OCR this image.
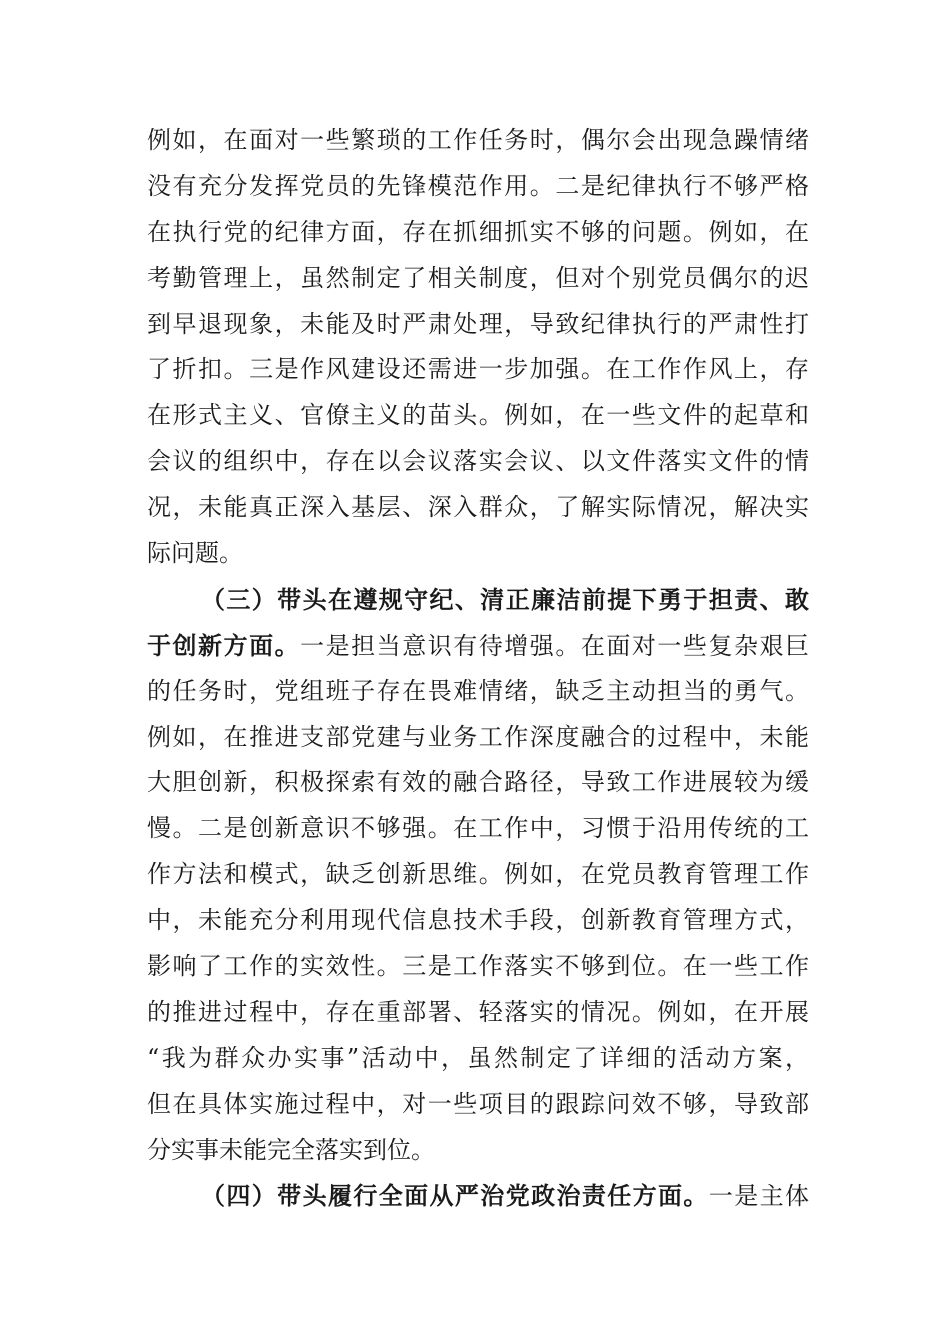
例如，在面对一些繁琐的工作任务时，偶尔会出现急躁情绪
没有充分发挥党员的先锋模范作用。二是纪律执行不够严格
在执行党的纪律方面，存在抓细抓实不够的问题。例如，在
考勤管理上，虽然制定了相关制度，但对个别党员偶尔的迟
到早退现象，未能及时严肃处理，导致纪律执行的严肃性打
了折扣。三是作风建设还需进一步加强。在工作作风上，存
在形式主义、官僚主义的苗头。例如，在一些文件的起草和
会议的组织中，存在以会议落实会议、以文件落实文件的情
况，未能真正深入基层、深入群众，了解实际情况，解决实
际问题。
（三）带头在遵规守纪、清正廉洁前提下勇于担责、敢
于创新方面。一是担当意识有待增强。在面对一些复杂艰巨
的任务时，党组班子存在畏难情绪，缺乏主动担当的勇气。
例如，在推进支部党建与业务工作深度融合的过程中，未能
大胆创新，积极探索有效的融合路径，导致工作进展较为缓
慢。二是创新意识不够强。在工作中，习惯于沿用传统的工
作方法和模式，缺乏创新思维。例如，在党员教育管理工作
中，未能充分利用现代信息技术手段，创新教育管理方式，
影响了工作的实效性。三是工作落实不够到位。在一些工作
的推进过程中，存在重部署、轻落实的情况。例如，在开展
“我为群众办实事”活动中，虽然制定了详细的活动方案，
但在具体实施过程中，对一些项目的跟踪问效不够，导致部
分实事未能完全落实到位。
（四）带头履行全面从严治党政治责任方面。一是主体
